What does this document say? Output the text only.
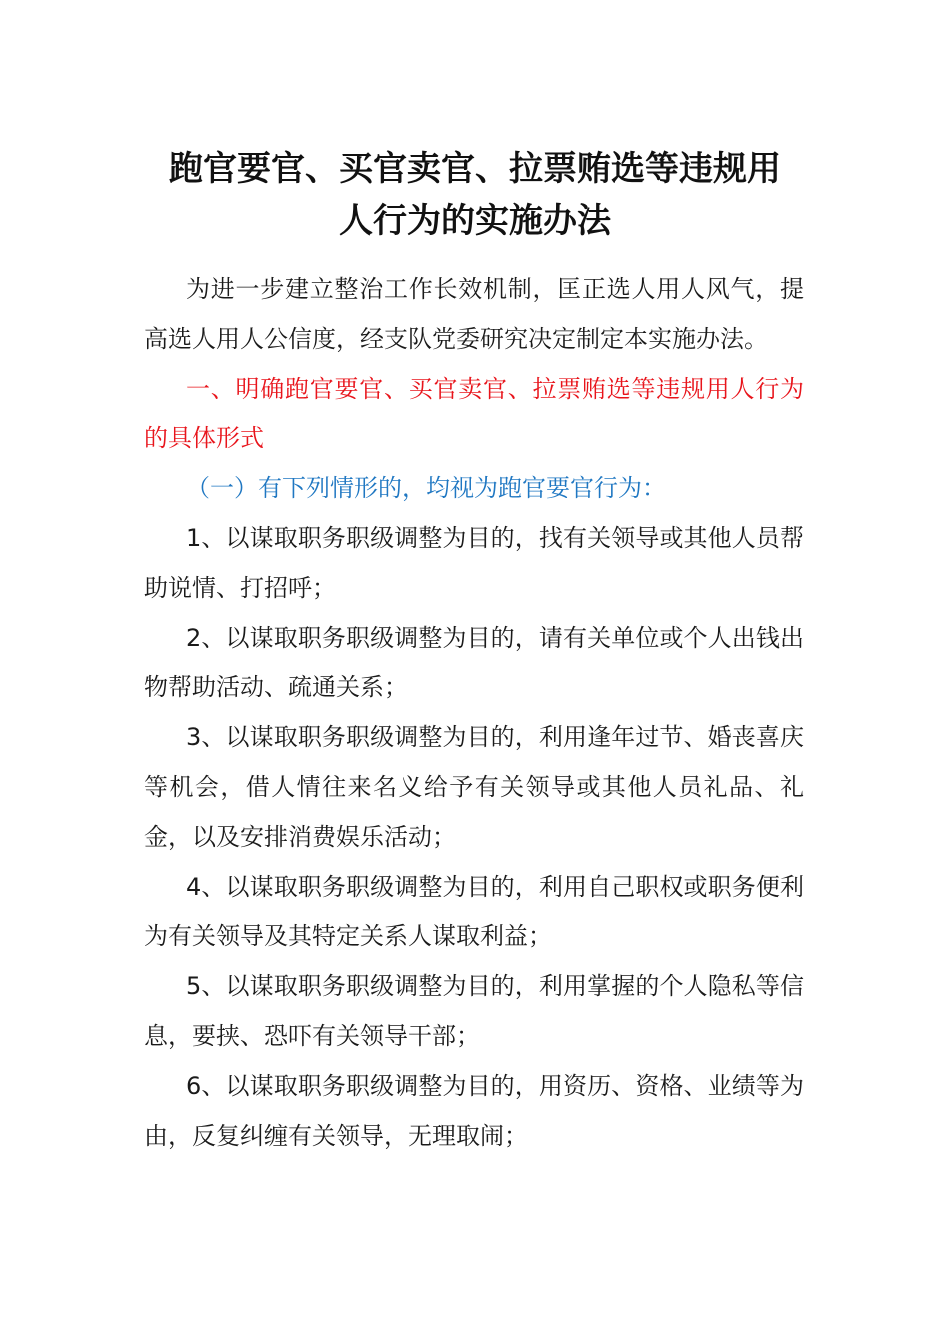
跑官要官、买官卖官、拉票贿选等违规用
人行为的实施办法

为进一步建立整治工作长效机制，匡正选人用人风气，提高选人用人公信度，经支队党委研究决定制定本实施办法。

一、明确跑官要官、买官卖官、拉票贿选等违规用人行为的具体形式

（一）有下列情形的，均视为跑官要官行为：

1、以谋取职务职级调整为目的，找有关领导或其他人员帮助说情、打招呼；

2、以谋取职务职级调整为目的，请有关单位或个人出钱出物帮助活动、疏通关系；

3、以谋取职务职级调整为目的，利用逢年过节、婚丧喜庆等机会，借人情往来名义给予有关领导或其他人员礼品、礼金，以及安排消费娱乐活动；

4、以谋取职务职级调整为目的，利用自己职权或职务便利为有关领导及其特定关系人谋取利益；

5、以谋取职务职级调整为目的，利用掌握的个人隐私等信息，要挟、恐吓有关领导干部；

6、以谋取职务职级调整为目的，用资历、资格、业绩等为由，反复纠缠有关领导，无理取闹；
